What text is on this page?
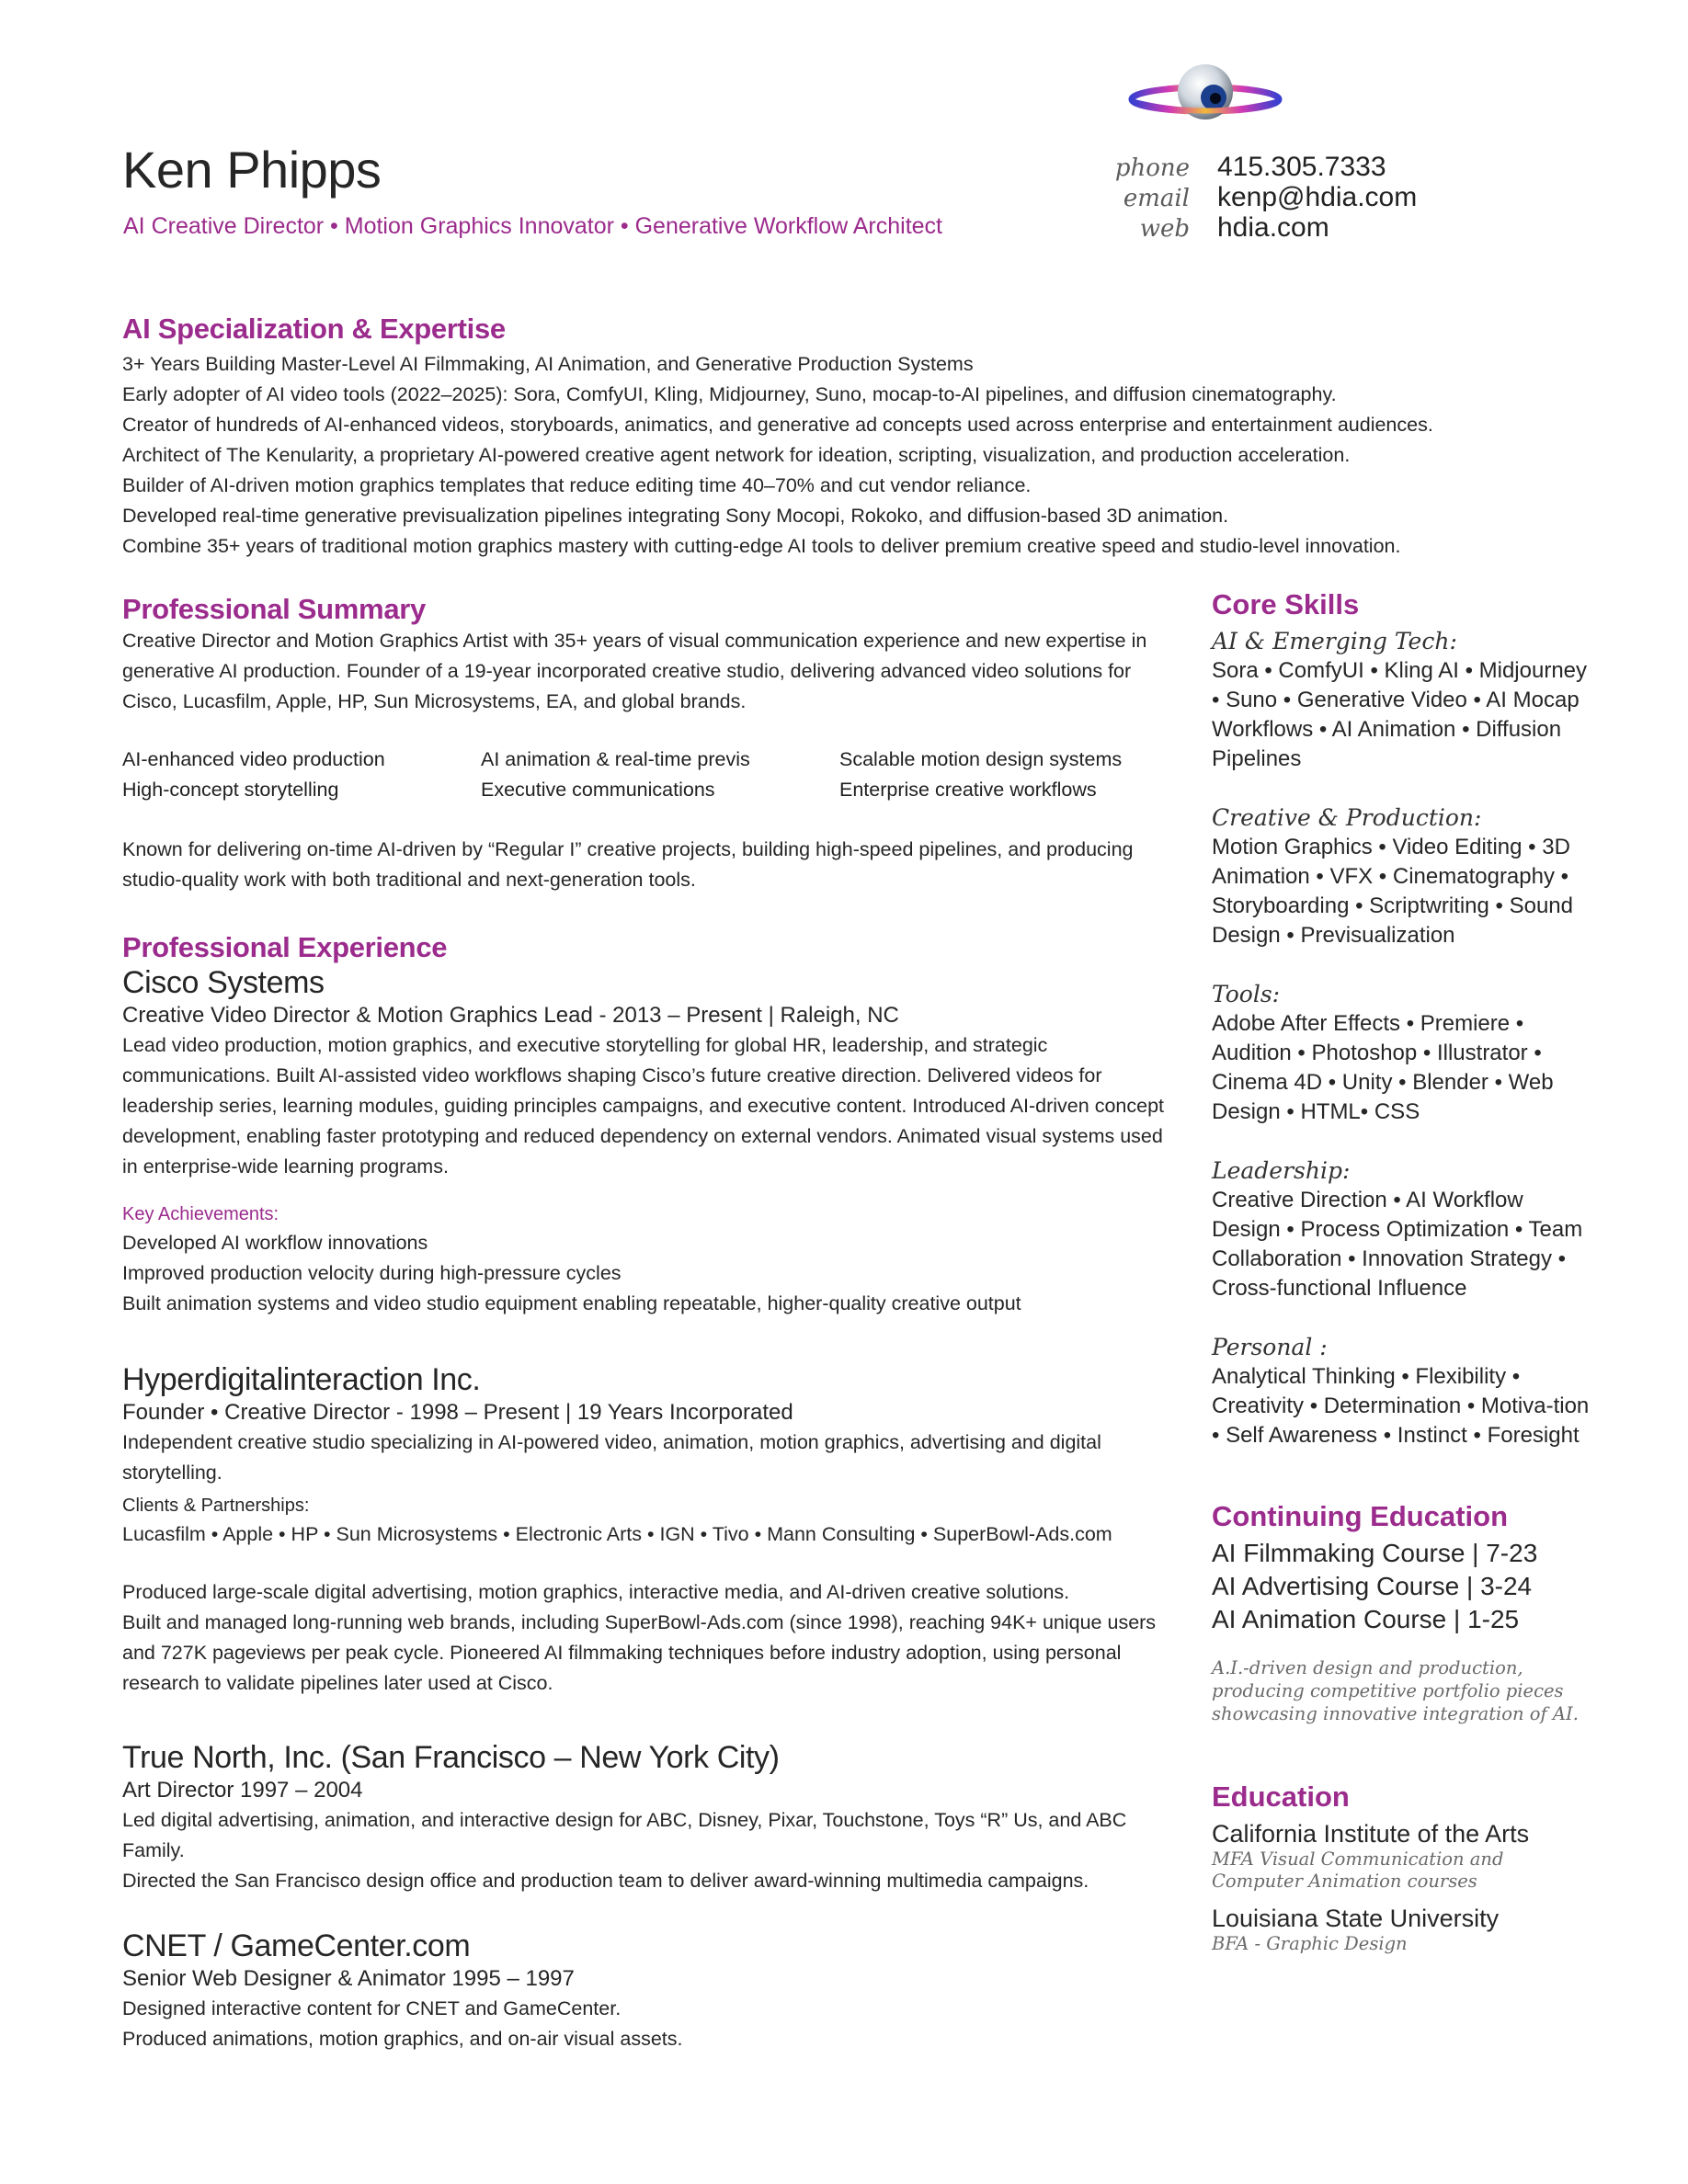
Ken Phipps
AI Creative Director • Motion Graphics Innovator • Generative Workflow Architect
phone 415.305.7333
email kenp@hdia.com
web hdia.com
AI Specialization & Expertise
3+ Years Building Master-Level AI Filmmaking, AI Animation, and Generative Production Systems
Early adopter of AI video tools (2022–2025): Sora, ComfyUI, Kling, Midjourney, Suno, mocap-to-AI pipelines, and diffusion cinematography.
Creator of hundreds of AI-enhanced videos, storyboards, animatics, and generative ad concepts used across enterprise and entertainment audiences.
Architect of The Kenularity, a proprietary AI-powered creative agent network for ideation, scripting, visualization, and production acceleration.
Builder of AI-driven motion graphics templates that reduce editing time 40–70% and cut vendor reliance.
Developed real-time generative previsualization pipelines integrating Sony Mocopi, Rokoko, and diffusion-based 3D animation.
Combine 35+ years of traditional motion graphics mastery with cutting-edge AI tools to deliver premium creative speed and studio-level innovation.
Professional Summary

Creative Director and Motion Graphics Artist with 35+ years of visual communication experience and new expertise in generative AI production. Founder of a 19-year incorporated creative studio, delivering advanced video solutions for Cisco, Lucasfilm, Apple, HP, Sun Microsystems, EA, and global brands.

AI-enhanced video production
High-concept storytelling
AI animation & real-time previs
Executive communications
Scalable motion design systems
Enterprise creative workflows

Known for delivering on-time AI-driven by “Regular I” creative projects, building high-speed pipelines, and producing studio-quality work with both traditional and next-generation tools.

Professional Experience
Cisco Systems
Creative Video Director & Motion Graphics Lead - 2013 – Present | Raleigh, NC

Lead video production, motion graphics, and executive storytelling for global HR, leadership, and strategic communications. Built AI-assisted video workflows shaping Cisco’s future creative direction. Delivered videos for leadership series, learning modules, guiding principles campaigns, and executive content. Introduced AI-driven concept development, enabling faster prototyping and reduced dependency on external vendors. Animated visual systems used in enterprise-wide learning programs.

Key Achievements:
Developed AI workflow innovations
Improved production velocity during high-pressure cycles
Built animation systems and video studio equipment enabling repeatable, higher-quality creative output
Hyperdigitalinteraction Inc.
Founder • Creative Director - 1998 – Present | 19 Years Incorporated

Independent creative studio specializing in AI-powered video, animation, motion graphics, advertising and digital storytelling.

Clients & Partnerships:
Lucasfilm • Apple • HP • Sun Microsystems • Electronic Arts • IGN • Tivo • Mann Consulting • SuperBowl-Ads.com

Produced large-scale digital advertising, motion graphics, interactive media, and AI-driven creative solutions.

Built and managed long-running web brands, including SuperBowl-Ads.com (since 1998), reaching 94K+ unique users and 727K pageviews per peak cycle. Pioneered AI filmmaking techniques before industry adoption, using personal research to validate pipelines later used at Cisco.

True North, Inc. (San Francisco – New York City)
Art Director 1997 – 2004

Led digital advertising, animation, and interactive design for ABC, Disney, Pixar, Touchstone, Toys “R” Us, and ABC Family.

Directed the San Francisco design office and production team to deliver award-winning multimedia campaigns.

CNET / GameCenter.com
Senior Web Designer & Animator 1995 – 1997

Designed interactive content for CNET and GameCenter.

Produced animations, motion graphics, and on-air visual assets.

Core Skills
AI & Emerging Tech:
Sora • ComfyUI • Kling AI • Midjourney • Suno • Generative Video • AI Mocap Workflows • AI Animation • Diffusion Pipelines
Creative & Production:
Motion Graphics • Video Editing • 3D Animation • VFX • Cinematography • Storyboarding • Scriptwriting • Sound Design • Previsualization
Tools:
Adobe After Effects • Premiere • Audition • Photoshop • Illustrator • Cinema 4D • Unity • Blender • Web Design • HTML• CSS
Leadership:
Creative Direction • AI Workflow Design • Process Optimization • Team Collaboration • Innovation Strategy • Cross-functional Influence
Personal :
Analytical Thinking • Flexibility • Creativity • Determination • Motiva-tion • Self Awareness • Instinct • Foresight
Continuing Education
AI Filmmaking Course | 7-23
AI Advertising Course | 3-24
AI Animation Course | 1-25
A.I.-driven design and production, producing competitive portfolio pieces showcasing innovative integration of AI.
Education
California Institute of the Arts
MFA Visual Communication and Computer Animation courses
Louisiana State University
BFA - Graphic Design
